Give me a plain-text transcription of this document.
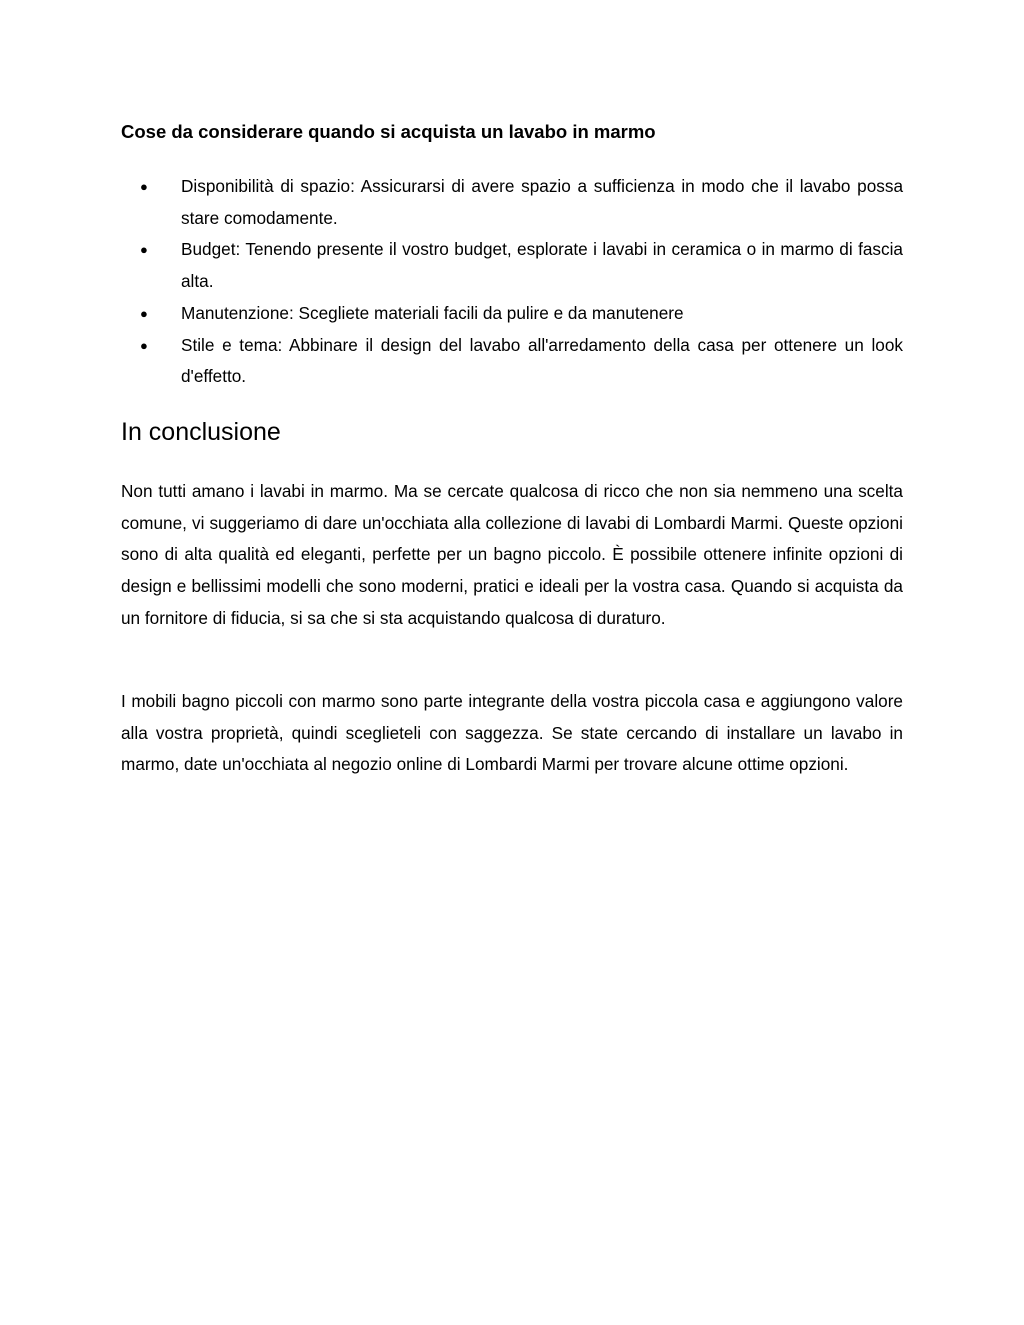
Cose da considerare quando si acquista un lavabo in marmo
● Disponibilità di spazio: Assicurarsi di avere spazio a sufficienza in modo che il lavabo possa stare comodamente.
● Budget: Tenendo presente il vostro budget, esplorate i lavabi in ceramica o in marmo di fascia alta.
● Manutenzione: Scegliete materiali facili da pulire e da manutenere
● Stile e tema: Abbinare il design del lavabo all'arredamento della casa per ottenere un look d'effetto.
In conclusione

Non tutti amano i lavabi in marmo. Ma se cercate qualcosa di ricco che non sia nemmeno una scelta comune, vi suggeriamo di dare un'occhiata alla collezione di lavabi di Lombardi Marmi. Queste opzioni sono di alta qualità ed eleganti, perfette per un bagno piccolo. È possibile ottenere infinite opzioni di design e bellissimi modelli che sono moderni, pratici e ideali per la vostra casa. Quando si acquista da un fornitore di fiducia, si sa che si sta acquistando qualcosa di duraturo.

I mobili bagno piccoli con marmo sono parte integrante della vostra piccola casa e aggiungono valore alla vostra proprietà, quindi sceglieteli con saggezza. Se state cercando di installare un lavabo in marmo, date un'occhiata al negozio online di Lombardi Marmi per trovare alcune ottime opzioni.
